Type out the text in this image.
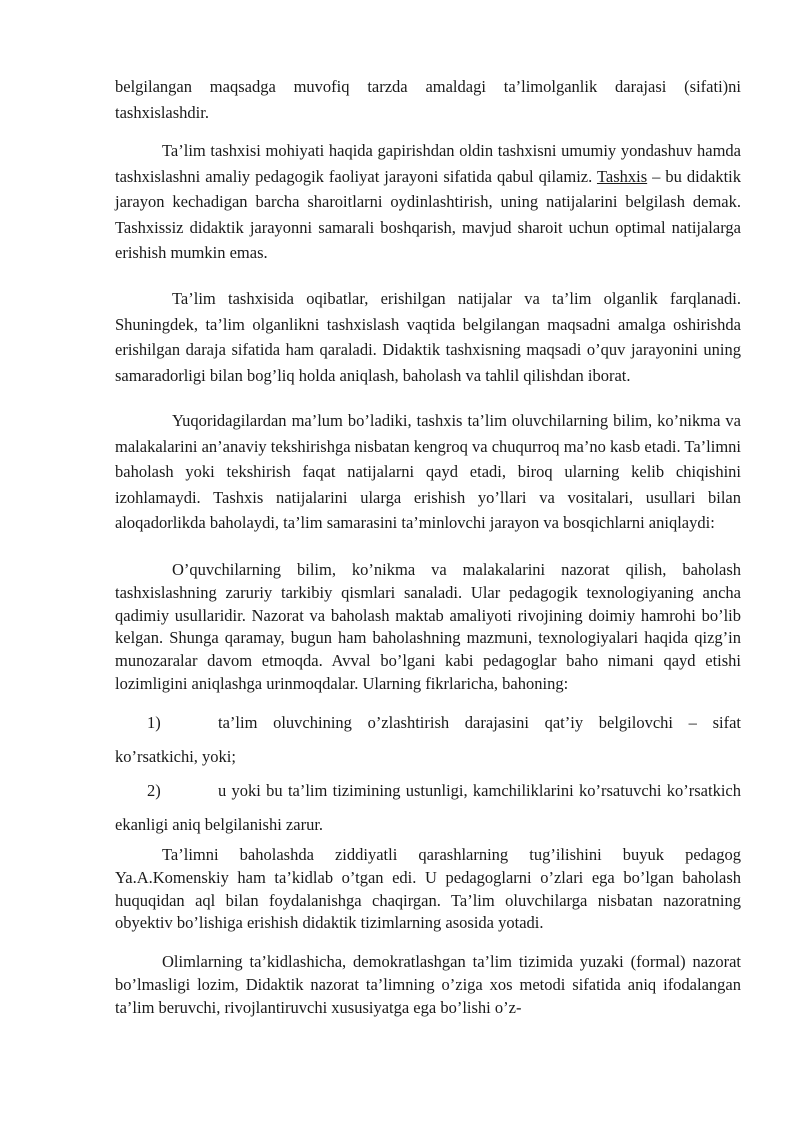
belgilangan maqsadga muvofiq tarzda amaldagi ta’limolganlik darajasi (sifati)ni tashxislashdir.

Ta’lim tashxisi mohiyati haqida gapirishdan oldin tashxisni umumiy yondashuv hamda tashxislashni amaliy pedagogik faoliyat jarayoni sifatida qabul qilamiz. Tashxis – bu didaktik jarayon kechadigan barcha sharoitlarni oydinlashtirish, uning natijalarini belgilash demak. Tashxissiz didaktik jarayonni samarali boshqarish, mavjud sharoit uchun optimal natijalarga erishish mumkin emas.

Ta’lim tashxisida oqibatlar, erishilgan natijalar va ta’lim olganlik farqlanadi. Shuningdek, ta’lim olganlikni tashxislash vaqtida belgilangan maqsadni amalga oshirishda erishilgan daraja sifatida ham qaraladi. Didaktik tashxisning maqsadi o’quv jarayonini uning samaradorligi bilan bog’liq holda aniqlash, baholash va tahlil qilishdan iborat.

Yuqoridagilardan ma’lum bo’ladiki, tashxis ta’lim oluvchilarning bilim, ko’nikma va malakalarini an’anaviy tekshirishga nisbatan kengroq va chuqurroq ma’no kasb etadi. Ta’limni baholash yoki tekshirish faqat natijalarni qayd etadi, biroq ularning kelib chiqishini izohlamaydi. Tashxis natijalarini ularga erishish yo’llari va vositalari, usullari bilan aloqadorlikda baholaydi, ta’lim samarasini ta’minlovchi jarayon va bosqichlarni aniqlaydi:

O’quvchilarning bilim, ko’nikma va malakalarini nazorat qilish, baholash tashxislashning zaruriy tarkibiy qismlari sanaladi. Ular pedagogik texnologiyaning ancha qadimiy usullaridir. Nazorat va baholash maktab amaliyoti rivojining doimiy hamrohi bo’lib kelgan. Shunga qaramay, bugun ham baholashning mazmuni, texnologiyalari haqida qizg’in munozaralar davom etmoqda. Avval bo’lgani kabi pedagoglar baho nimani qayd etishi lozimligini aniqlashga urinmoqdalar. Ularning fikrlaricha, bahoning:

1)	ta’lim oluvchining o’zlashtirish darajasini qat’iy belgilovchi – sifat ko’rsatkichi, yoki;

2)	u yoki bu ta’lim tizimining ustunligi, kamchiliklarini ko’rsatuvchi ko’rsatkich ekanligi aniq belgilanishi zarur.

Ta’limni baholashda ziddiyatli qarashlarning tug’ilishini buyuk pedagog Ya.A.Komenskiy ham ta’kidlab o’tgan edi. U pedagoglarni o’zlari ega bo’lgan baholash huquqidan aql bilan foydalanishga chaqirgan. Ta’lim oluvchilarga nisbatan nazoratning obyektiv bo’lishiga erishish didaktik tizimlarning asosida yotadi.

Olimlarning ta’kidlashicha, demokratlashgan ta’lim tizimida yuzaki (formal) nazorat bo’lmasligi lozim, Didaktik nazorat ta’limning o’ziga xos metodi sifatida aniq ifodalangan ta’lim beruvchi, rivojlantiruvchi xususiyatga ega bo’lishi o’z-
